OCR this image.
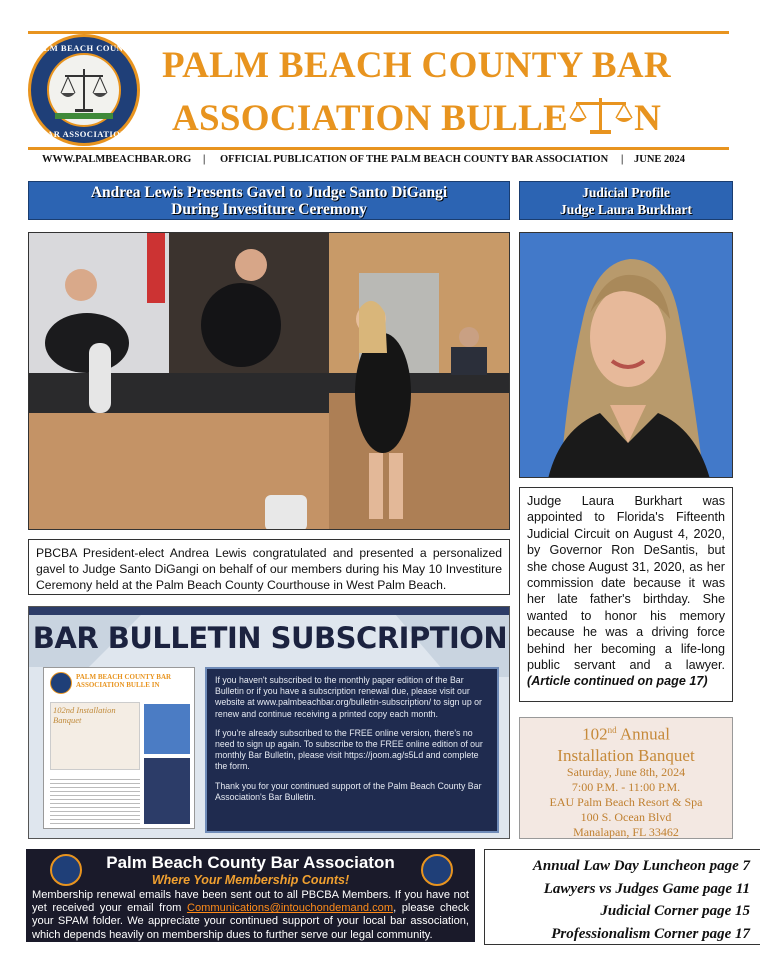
PALM BEACH COUNTY
BAR ASSOCIATION
PALM BEACH COUNTY BAR
ASSOCIATION BULLE N
WWW.PALMBEACHBAR.ORG | OFFICIAL PUBLICATION OF THE PALM BEACH COUNTY BAR ASSOCIATION | JUNE 2024
Andrea Lewis Presents Gavel to Judge Santo DiGangi
During Investiture Ceremony
PBCBA President-elect Andrea Lewis congratulated and presented a personalized gavel to Judge Santo DiGangi on behalf of our members during his May 10 Investiture Ceremony held at the Palm Beach County Courthouse in West Palm Beach.
Judicial Profile
Judge Laura Burkhart
Judge Laura Burkhart was appointed to Florida's Fifteenth Judicial Circuit on August 4, 2020, by Governor Ron DeSantis, but she chose August 31, 2020, as her commission date because it was her late father's birthday. She wanted to honor his memory because he was a driving force behind her becoming a life-long public servant and a lawyer. (Article continued on page 17)
BAR BULLETIN SUBSCRIPTION
PALM BEACH COUNTY BAR ASSOCIATION BULLE IN
102nd Installation Banquet

If you haven't subscribed to the monthly paper edition of the Bar Bulletin or if you have a subscription renewal due, please visit our website at www.palmbeachbar.org/bulletin-subscription/ to sign up or renew and continue receiving a printed copy each month.

If you're already subscribed to the FREE online version, there's no need to sign up again. To subscribe to the FREE online edition of our monthly Bar Bulletin, please visit https://joom.ag/s5Ld and complete the form.

Thank you for your continued support of the Palm Beach County Bar Association's Bar Bulletin.

102nd Annual
Installation Banquet
Saturday, June 8th, 2024
7:00 P.M. - 11:00 P.M.
EAU Palm Beach Resort & Spa
100 S. Ocean Blvd
Manalapan, FL 33462
Palm Beach County Bar Associaton
Where Your Membership Counts!
Membership renewal emails have been sent out to all PBCBA Members. If you have not yet received your email from Communications@intouchondemand.com, please check your SPAM folder. We appreciate your continued support of your local bar association, which depends heavily on membership dues to further serve our legal community.
Annual Law Day Luncheon page 7
Lawyers vs Judges Game page 11
Judicial Corner page 15
Professionalism Corner page 17
